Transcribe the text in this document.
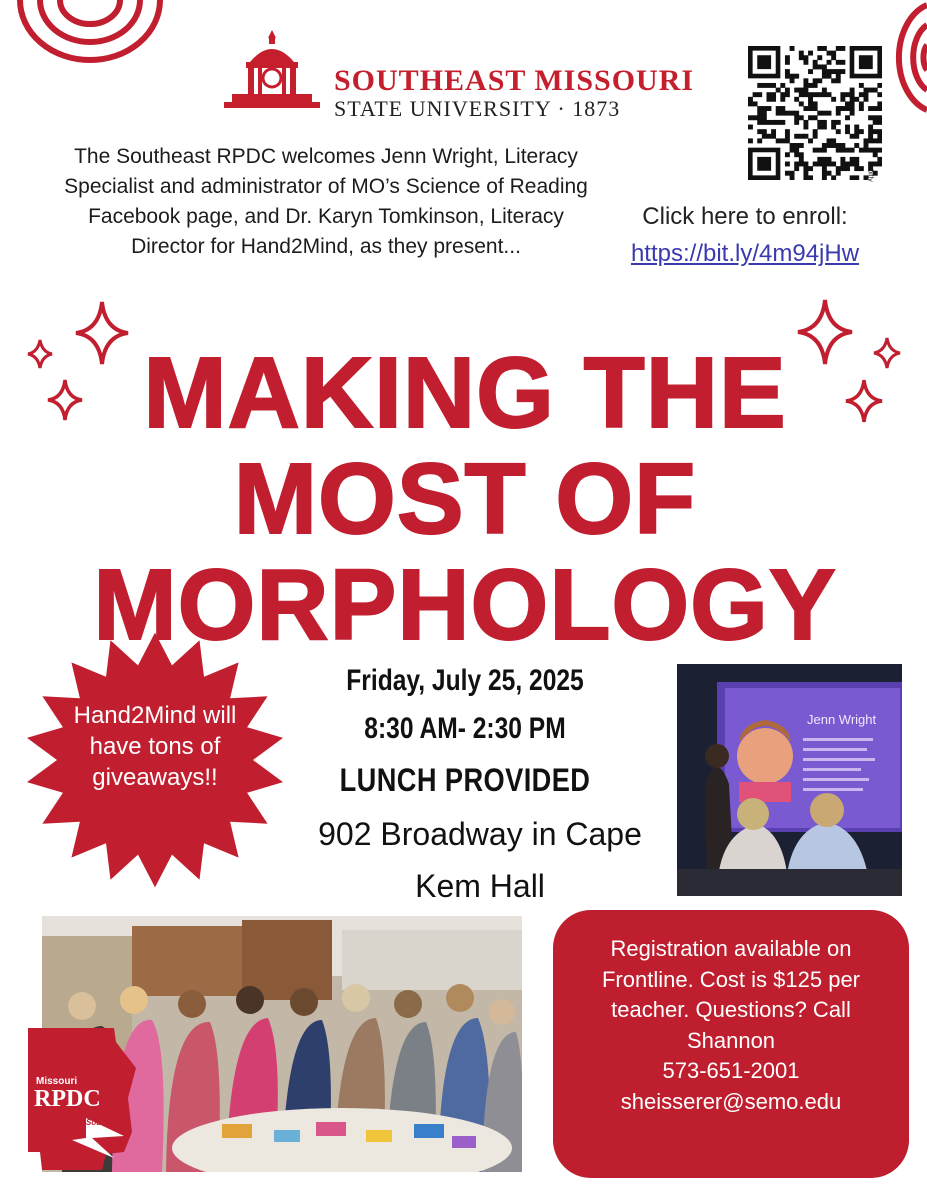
SOUTHEAST MISSOURI
STATE UNIVERSITY · 1873
bitly
The Southeast RPDC welcomes Jenn Wright, Literacy Specialist and administrator of MO’s Science of Reading Facebook page, and Dr. Karyn Tomkinson, Literacy Director for Hand2Mind, as they present...
Click here to enroll:
https://bit.ly/4m94jHw
MAKING THE
MOST OF
MORPHOLOGY
Hand2Mind will have tons of giveaways!!
Friday, July 25, 2025
8:30 AM- 2:30 PM
LUNCH PROVIDED
902 Broadway in Cape
Kem Hall
Jenn Wright
Missouri
RPDC
Southeast
Registration available on
Frontline. Cost is $125 per
teacher. Questions? Call
Shannon
573-651-2001
sheisserer@semo.edu
